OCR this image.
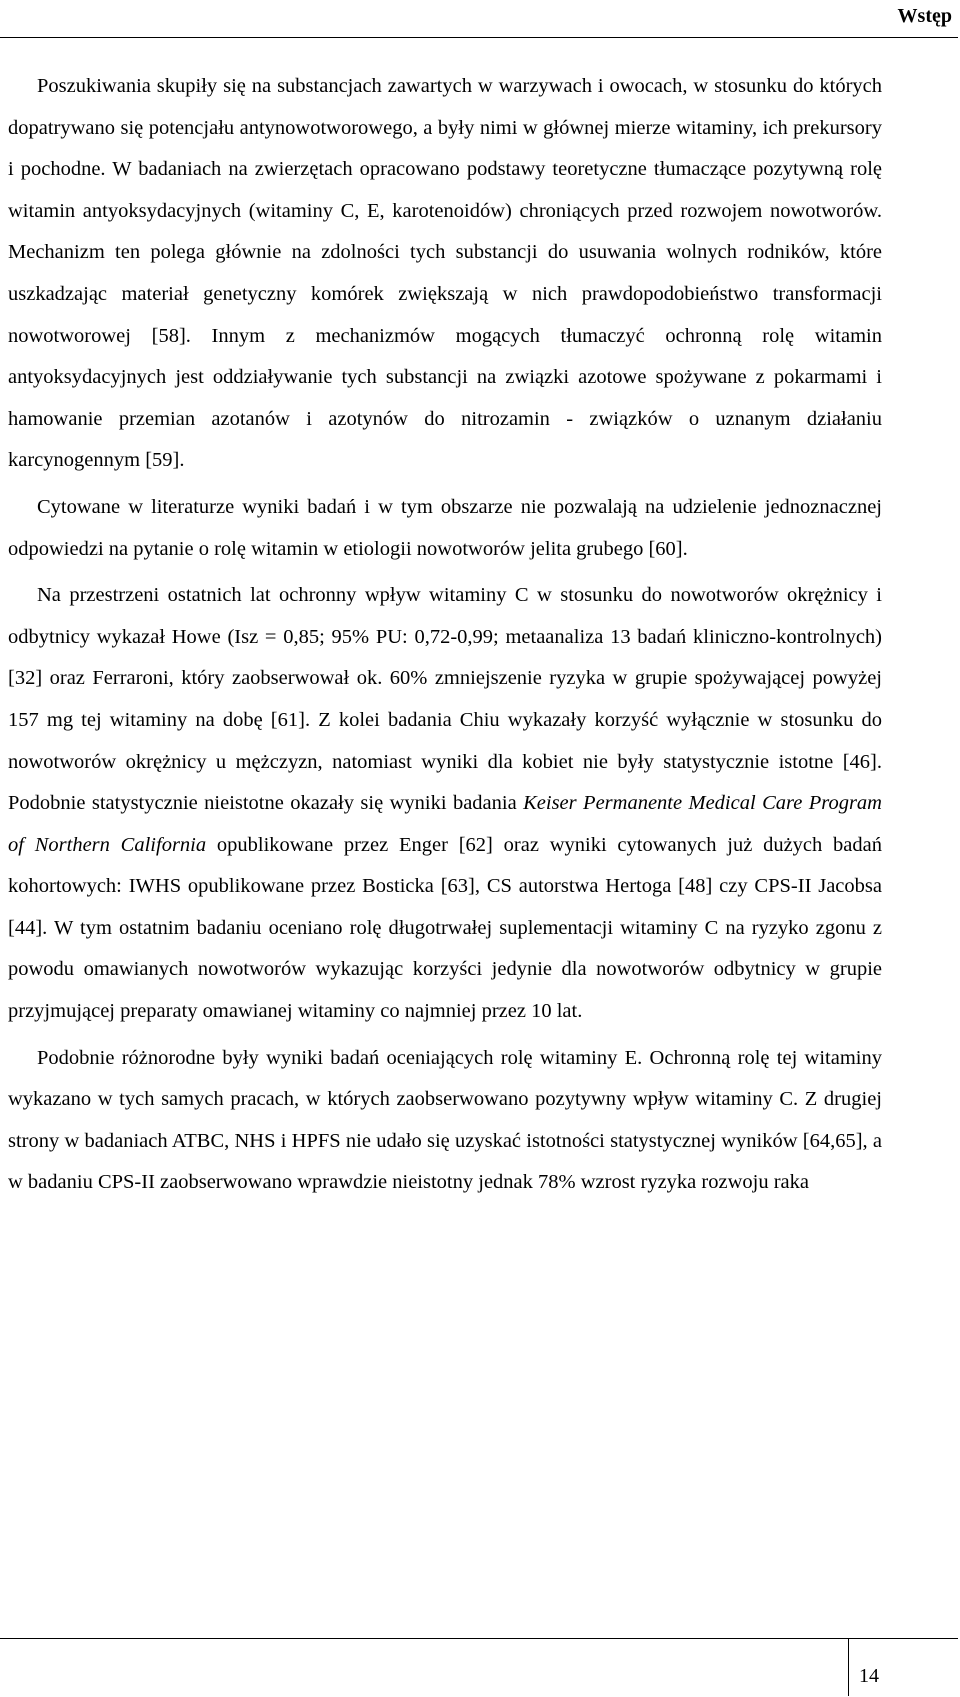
Wstęp

Poszukiwania skupiły się na substancjach zawartych w warzywach i owocach, w stosunku do których dopatrywano się potencjału antynowotworowego, a były nimi w głównej mierze witaminy, ich prekursory i pochodne. W badaniach na zwierzętach opracowano podstawy teoretyczne tłumaczące pozytywną rolę witamin antyoksydacyjnych (witaminy C, E, karotenoidów) chroniących przed rozwojem nowotworów. Mechanizm ten polega głównie na zdolności tych substancji do usuwania wolnych rodników, które uszkadzając materiał genetyczny komórek zwiększają w nich prawdopodobieństwo transformacji nowotworowej [58]. Innym z mechanizmów mogących tłumaczyć ochronną rolę witamin antyoksydacyjnych jest oddziaływanie tych substancji na związki azotowe spożywane z pokarmami i hamowanie przemian azotanów i azotynów do nitrozamin - związków o uznanym działaniu karcynogennym [59].

Cytowane w literaturze wyniki badań i w tym obszarze nie pozwalają na udzielenie jednoznacznej odpowiedzi na pytanie o rolę witamin w etiologii nowotworów jelita grubego [60].

Na przestrzeni ostatnich lat ochronny wpływ witaminy C w stosunku do nowotworów okrężnicy i odbytnicy wykazał Howe (Isz = 0,85; 95% PU: 0,72-0,99; metaanaliza 13 badań kliniczno-kontrolnych) [32] oraz Ferraroni, który zaobserwował ok. 60% zmniejszenie ryzyka w grupie spożywającej powyżej 157 mg tej witaminy na dobę [61]. Z kolei badania Chiu wykazały korzyść wyłącznie w stosunku do nowotworów okrężnicy u mężczyzn, natomiast wyniki dla kobiet nie były statystycznie istotne [46]. Podobnie statystycznie nieistotne okazały się wyniki badania Keiser Permanente Medical Care Program of Northern California opublikowane przez Enger [62] oraz wyniki cytowanych już dużych badań kohortowych: IWHS opublikowane przez Bosticka [63], CS autorstwa Hertoga [48] czy CPS-II Jacobsa [44]. W tym ostatnim badaniu oceniano rolę długotrwałej suplementacji witaminy C na ryzyko zgonu z powodu omawianych nowotworów wykazując korzyści jedynie dla nowotworów odbytnicy w grupie przyjmującej preparaty omawianej witaminy co najmniej przez 10 lat.

Podobnie różnorodne były wyniki badań oceniających rolę witaminy E. Ochronną rolę tej witaminy wykazano w tych samych pracach, w których zaobserwowano pozytywny wpływ witaminy C. Z drugiej strony w badaniach ATBC, NHS i HPFS nie udało się uzyskać istotności statystycznej wyników [64,65], a w badaniu CPS-II zaobserwowano wprawdzie nieistotny jednak 78% wzrost ryzyka rozwoju raka

14
